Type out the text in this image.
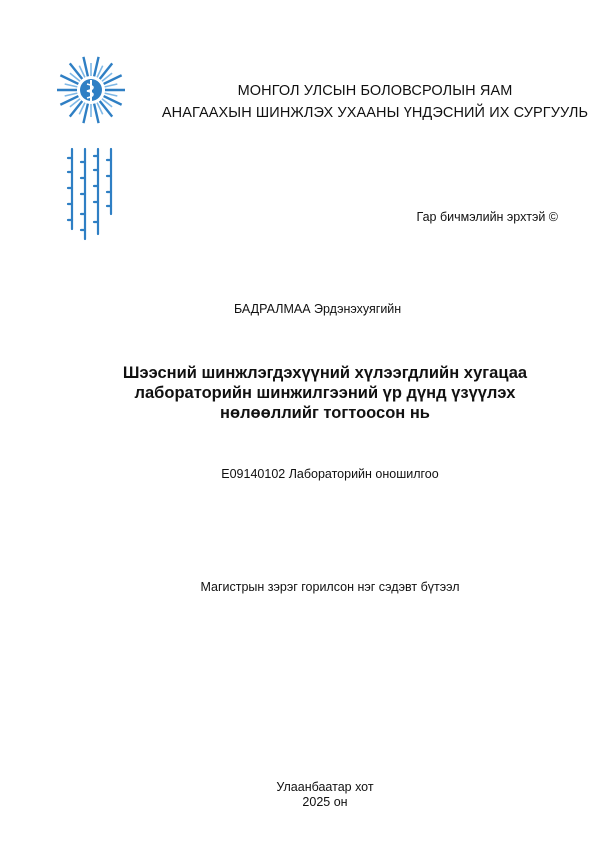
МОНГОЛ УЛСЫН БОЛОВСРОЛЫН ЯАМ
АНАГААХЫН ШИНЖЛЭХ УХААНЫ ҮНДЭСНИЙ ИХ СУРГУУЛЬ
Гар бичмэлийн эрхтэй ©
БАДРАЛМАА Эрдэнэхуягийн
Шээсний шинжлэгдэхүүний хүлээгдлийн хугацаа
лабораторийн шинжилгээний үр дүнд үзүүлэх
нөлөөллийг тогтоосон нь
E09140102 Лабораторийн оношилгоо
Магистрын зэрэг горилсон нэг сэдэвт бүтээл
Улаанбаатар хот
2025 он
